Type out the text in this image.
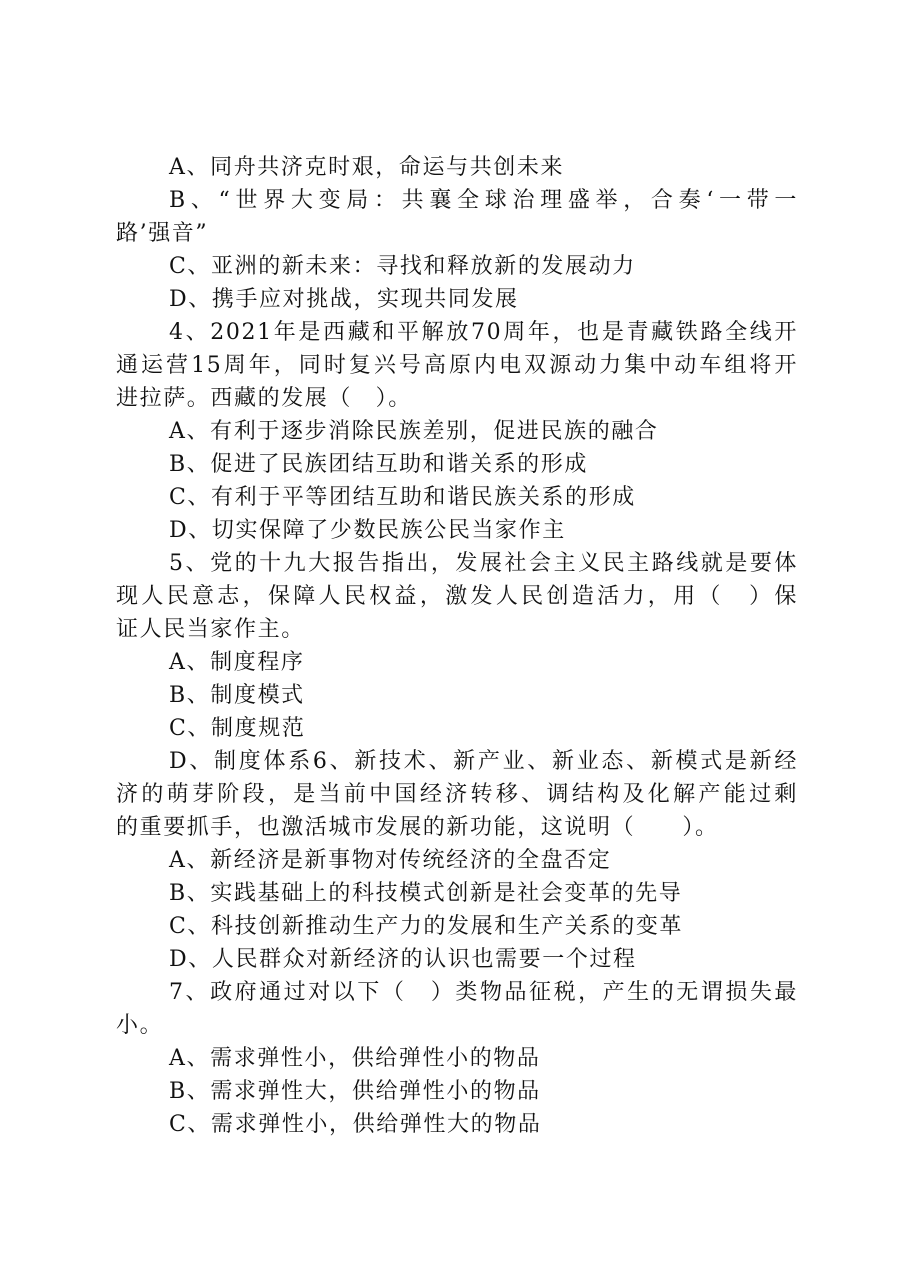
A、同舟共济克时艰，命运与共创未来
B、“世界大变局：共襄全球治理盛举，合奏‘一带一
路’强音”
C、亚洲的新未来：寻找和释放新的发展动力
D、携手应对挑战，实现共同发展
4、2021年是西藏和平解放70周年，也是青藏铁路全线开
通运营15周年，同时复兴号高原内电双源动力集中动车组将开
进拉萨。西藏的发展（　）。
A、有利于逐步消除民族差别，促进民族的融合
B、促进了民族团结互助和谐关系的形成
C、有利于平等团结互助和谐民族关系的形成
D、切实保障了少数民族公民当家作主
5、党的十九大报告指出，发展社会主义民主路线就是要体
现人民意志，保障人民权益，激发人民创造活力，用（　）保
证人民当家作主。
A、制度程序
B、制度模式
C、制度规范
D、制度体系6、新技术、新产业、新业态、新模式是新经
济的萌芽阶段，是当前中国经济转移、调结构及化解产能过剩
的重要抓手，也激活城市发展的新功能，这说明（　　）。
A、新经济是新事物对传统经济的全盘否定
B、实践基础上的科技模式创新是社会变革的先导
C、科技创新推动生产力的发展和生产关系的变革
D、人民群众对新经济的认识也需要一个过程
7、政府通过对以下（　）类物品征税，产生的无谓损失最
小。
A、需求弹性小，供给弹性小的物品
B、需求弹性大，供给弹性小的物品
C、需求弹性小，供给弹性大的物品
